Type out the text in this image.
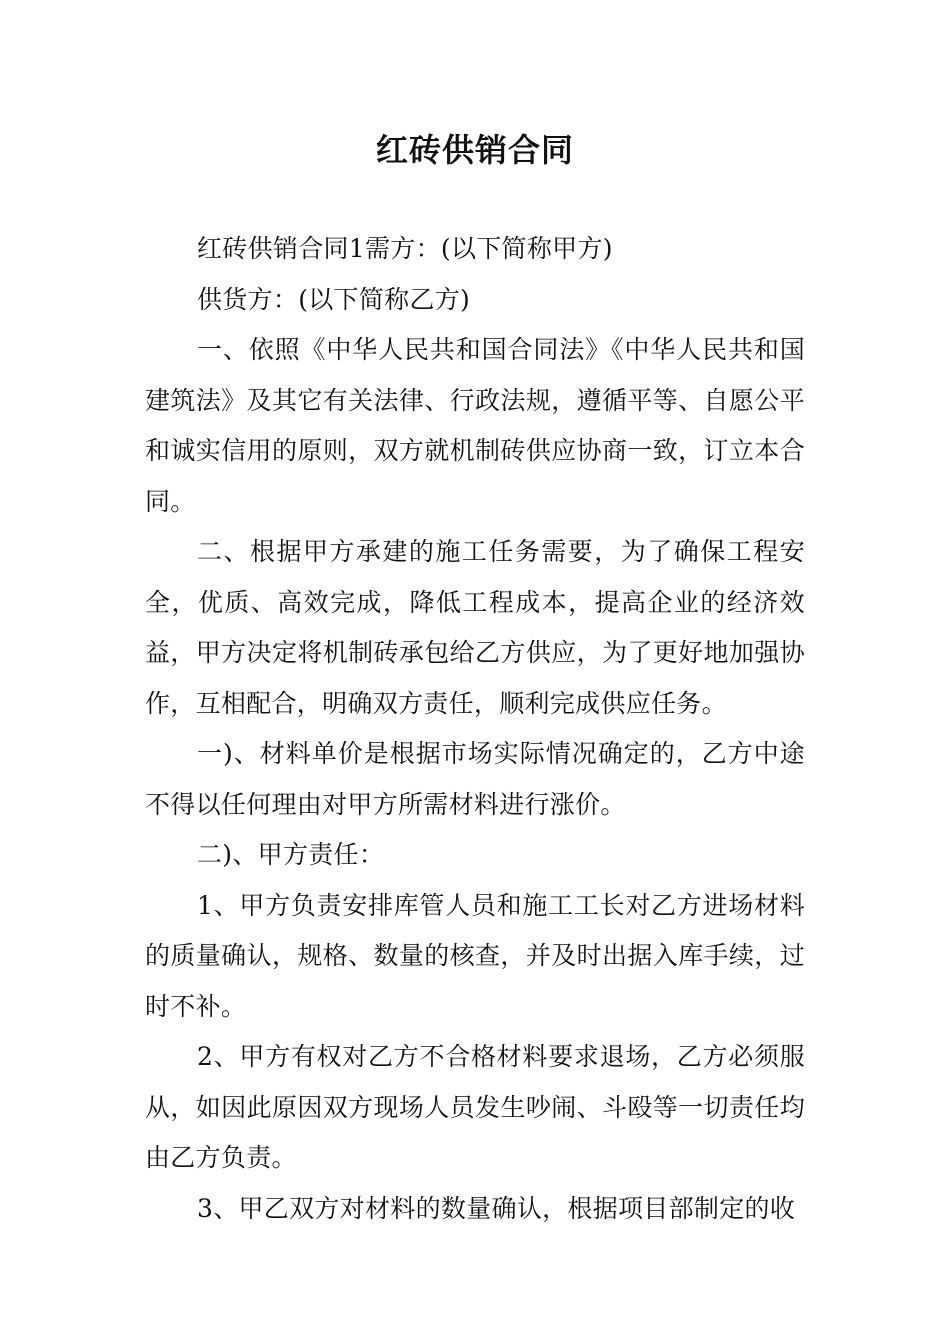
红砖供销合同

红砖供销合同1需方：(以下简称甲方)

供货方：(以下简称乙方)

一、依照《中华人民共和国合同法》《中华人民共和国建筑法》及其它有关法律、行政法规，遵循平等、自愿公平和诚实信用的原则，双方就机制砖供应协商一致，订立本合同。

二、根据甲方承建的施工任务需要，为了确保工程安全，优质、高效完成，降低工程成本，提高企业的经济效益，甲方决定将机制砖承包给乙方供应，为了更好地加强协作，互相配合，明确双方责任，顺利完成供应任务。

一)、材料单价是根据市场实际情况确定的，乙方中途不得以任何理由对甲方所需材料进行涨价。

二)、甲方责任：

1、甲方负责安排库管人员和施工工长对乙方进场材料的质量确认，规格、数量的核查，并及时出据入库手续，过时不补。

2、甲方有权对乙方不合格材料要求退场，乙方必须服从，如因此原因双方现场人员发生吵闹、斗殴等一切责任均由乙方负责。

3、甲乙双方对材料的数量确认，根据项目部制定的收
